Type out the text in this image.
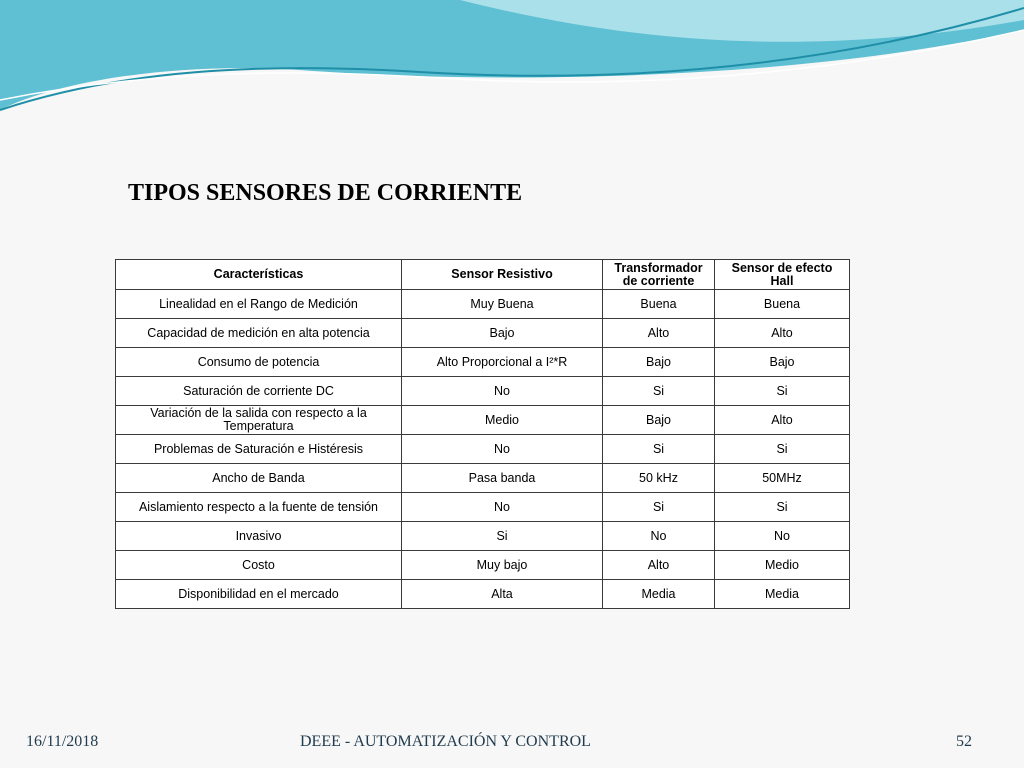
TIPOS SENSORES DE CORRIENTE
Características	Sensor Resistivo	Transformador de corriente	Sensor de efecto Hall
Linealidad en el Rango de Medición	Muy Buena	Buena	Buena
Capacidad de medición en alta potencia	Bajo	Alto	Alto
Consumo de potencia	Alto Proporcional a I²*R	Bajo	Bajo
Saturación de corriente DC	No	Si	Si
Variación de la salida con respecto a la Temperatura	Medio	Bajo	Alto
Problemas de Saturación e Histéresis	No	Si	Si
Ancho de Banda	Pasa banda	50 kHz	50MHz
Aislamiento respecto a la fuente de tensión	No	Si	Si
Invasivo	Si	No	No
Costo	Muy bajo	Alto	Medio
Disponibilidad en el mercado	Alta	Media	Media
16/11/2018	DEEE - AUTOMATIZACIÓN Y CONTROL	52
